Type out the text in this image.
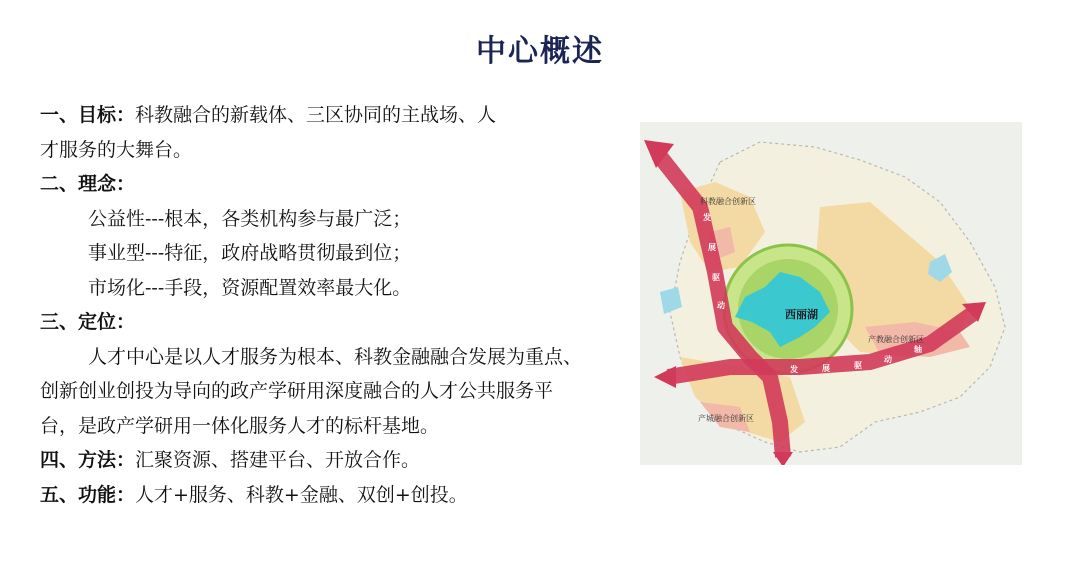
中心概述
一、目标：科教融合的新载体、三区协同的主战场、人
才服务的大舞台。
二、理念：
公益性---根本，各类机构参与最广泛；
事业型---特征，政府战略贯彻最到位；
市场化---手段，资源配置效率最大化。
三、定位：
人才中心是以人才服务为根本、科教金融融合发展为重点、创新创业创投为导向的政产学研用深度融合的人才公共服务平台，是政产学研用一体化服务人才的标杆基地。
四、方法：汇聚资源、搭建平台、开放合作。
五、功能：人才+服务、科教+金融、双创+创投。
西丽湖
科教融合创新区
产教融合创新区
产城融合创新区
发
展
驱
动
发	展	驱
动
轴
